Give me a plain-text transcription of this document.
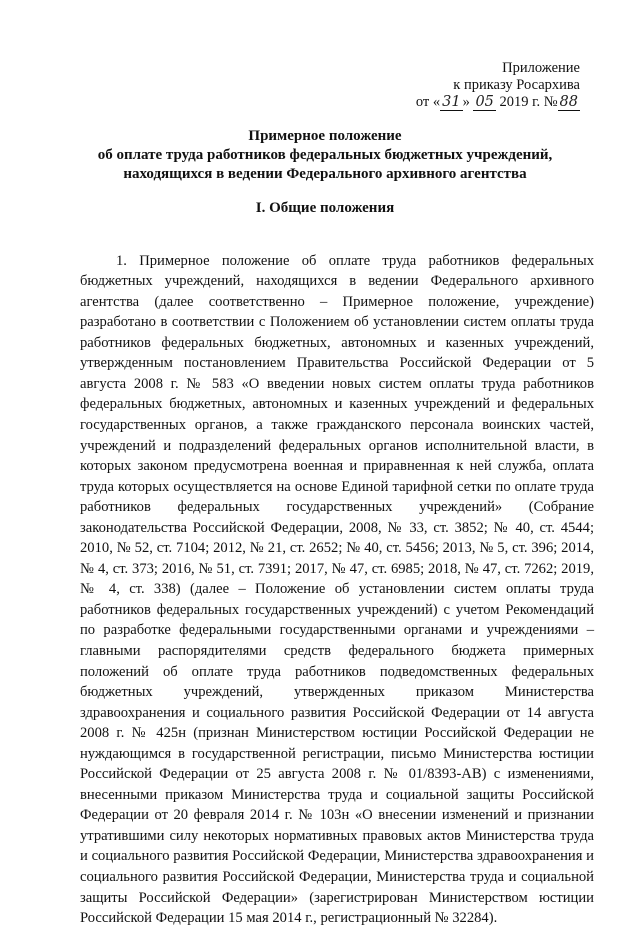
Приложение
к приказу Росархива
от « 31 » 05 2019 г. № 88
Примерное положение
об оплате труда работников федеральных бюджетных учреждений,
находящихся в ведении Федерального архивного агентства
I. Общие положения

1. Примерное положение об оплате труда работников федеральных бюджетных учреждений, находящихся в ведении Федерального архивного агентства (далее соответственно – Примерное положение, учреждение) разработано в соответствии с Положением об установлении систем оплаты труда работников федеральных бюджетных, автономных и казенных учреждений, утвержденным постановлением Правительства Российской Федерации от 5 августа 2008 г. № 583 «О введении новых систем оплаты труда работников федеральных бюджетных, автономных и казенных учреждений и федеральных государственных органов, а также гражданского персонала воинских частей, учреждений и подразделений федеральных органов исполнительной власти, в которых законом предусмотрена военная и приравненная к ней служба, оплата труда которых осуществляется на основе Единой тарифной сетки по оплате труда работников федеральных государственных учреждений» (Собрание законодательства Российской Федерации, 2008, № 33, ст. 3852; № 40, ст. 4544; 2010, № 52, ст. 7104; 2012, № 21, ст. 2652; № 40, ст. 5456; 2013, № 5, ст. 396; 2014, № 4, ст. 373; 2016, № 51, ст. 7391; 2017, № 47, ст. 6985; 2018, № 47, ст. 7262; 2019, № 4, ст. 338) (далее – Положение об установлении систем оплаты труда работников федеральных государственных учреждений) с учетом Рекомендаций по разработке федеральными государственными органами и учреждениями – главными распорядителями средств федерального бюджета примерных положений об оплате труда работников подведомственных федеральных бюджетных учреждений, утвержденных приказом Министерства здравоохранения и социального развития Российской Федерации от 14 августа 2008 г. № 425н (признан Министерством юстиции Российской Федерации не нуждающимся в государственной регистрации, письмо Министерства юстиции Российской Федерации от 25 августа 2008 г. № 01/8393-АВ) с изменениями, внесенными приказом Министерства труда и социальной защиты Российской Федерации от 20 февраля 2014 г. № 103н «О внесении изменений и признании утратившими силу некоторых нормативных правовых актов Министерства труда и социального развития Российской Федерации, Министерства здравоохранения и социального развития Российской Федерации, Министерства труда и социальной защиты Российской Федерации» (зарегистрирован Министерством юстиции Российской Федерации 15 мая 2014 г., регистрационный № 32284).
